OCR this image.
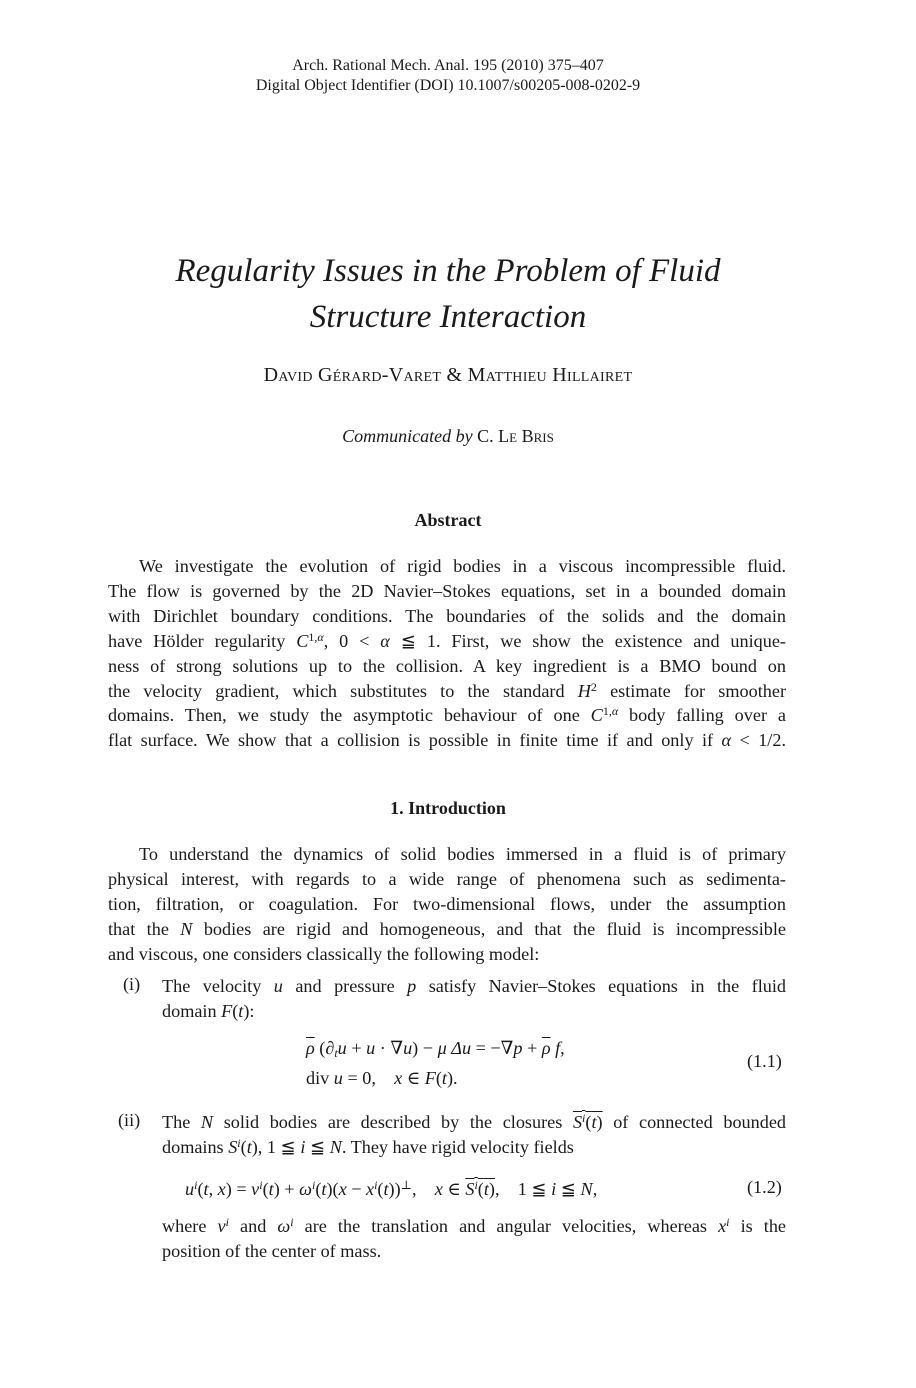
Arch. Rational Mech. Anal. 195 (2010) 375–407
Digital Object Identifier (DOI) 10.1007/s00205-008-0202-9
Regularity Issues in the Problem of Fluid
Structure Interaction
David Gérard-Varet & Matthieu Hillairet
Communicated by C. Le Bris
Abstract
We investigate the evolution of rigid bodies in a viscous incompressible fluid.
The flow is governed by the 2D Navier–Stokes equations, set in a bounded domain
with Dirichlet boundary conditions. The boundaries of the solids and the domain
have Hölder regularity $C^{1,\alpha}$, 0 < α ≦ 1. First, we show the existence and unique-
ness of strong solutions up to the collision. A key ingredient is a BMO bound on
the velocity gradient, which substitutes to the standard $H^2$ estimate for smoother
domains. Then, we study the asymptotic behaviour of one $C^{1,\alpha}$ body falling over a
flat surface. We show that a collision is possible in finite time if and only if α < 1/2.
1. Introduction
To understand the dynamics of solid bodies immersed in a fluid is of primary
physical interest, with regards to a wide range of phenomena such as sedimenta-
tion, filtration, or coagulation. For two-dimensional flows, under the assumption
that the N bodies are rigid and homogeneous, and that the fluid is incompressible
and viscous, one considers classically the following model:
(i) The velocity u and pressure p satisfy Navier–Stokes equations in the fluid
domain F(t):
$\overline{\rho}$ $(\partial_tu + u \cdot \nabla u) - \mu$ $\Delta u = -\nabla p + \overline{\rho}$ f,
div u = 0,    x ∈ F(t).
(1.1)
(ii) The N solid bodies are described by the closures $S^i(t)$ of connected bounded
domains $S^i(t)$, 1 ≦ i ≦ N. They have rigid velocity fields
$u^i(t$, $x) = v^i(t) + \omega^i(t)(x - x^i(t))^\perp$,    x ∈ $S^i(t)$,    1 ≦ i ≦ N,	(1.2)
where $v^i$ and $\omega^i$ are the translation and angular velocities, whereas $x^i$ is the
position of the center of mass.
